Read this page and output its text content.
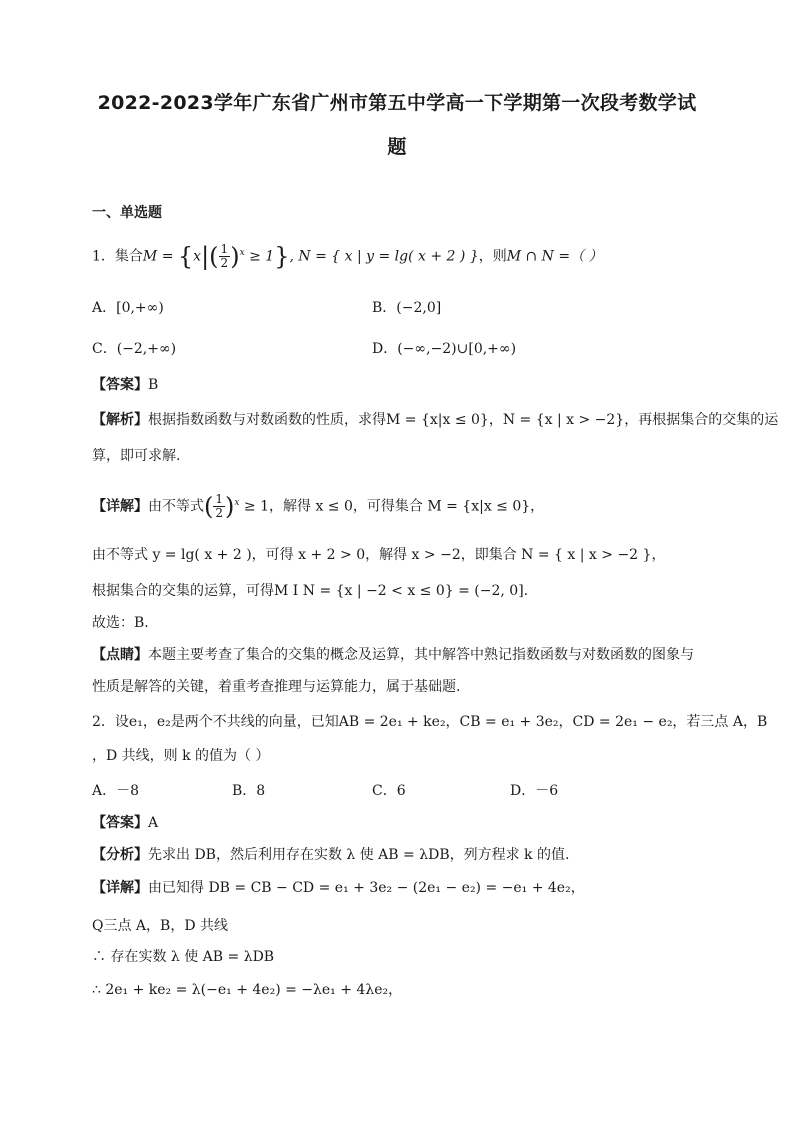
2022-2023学年广东省广州市第五中学高一下学期第一次段考数学试
题
一、单选题
1．集合$M = \{x|( \frac{1}{2} )^x \ge 1\}$, N = { x | y = lg( x + 2 ) }，则M ∩ N =（ ）
A．[0,+∞)	B．(−2,0]
C．(−2,+∞)	D．(−∞,−2)∪[0,+∞)
【答案】B
【解析】根据指数函数与对数函数的性质，求得M = {x|x ≤ 0}，N = {x | x > −2}，再根据集合的交集的运
算，即可求解.
【详解】由不等式( $\frac{1}{2} )^x \ge 1$，解得 x ≤ 0，可得集合 M = {x|x ≤ 0}，
由不等式 y = lg( x + 2 )，可得 x + 2 > 0，解得 x > −2，即集合 N = { x | x > −2 }，
根据集合的交集的运算，可得M I N = {x | −2 < x ≤ 0} = (−2, 0].
故选：B.
【点睛】本题主要考查了集合的交集的概念及运算，其中解答中熟记指数函数与对数函数的图象与
性质是解答的关键，着重考查推理与运算能力，属于基础题.
2．设e₁，e₂是两个不共线的向量，已知AB = 2e₁ + ke₂，CB = e₁ + 3e₂，CD = 2e₁ − e₂，若三点 A，B
，D 共线，则 k 的值为（ ）
A．－8	B．8	C．6	D．－6
【答案】A
【分析】先求出 DB，然后利用存在实数 λ 使 AB = λDB，列方程求 k 的值.
【详解】由已知得 DB = CB − CD = e₁ + 3e₂ − (2e₁ − e₂) = −e₁ + 4e₂，
Q三点 A，B，D 共线
∴ 存在实数 λ 使 AB = λDB
∴ 2e₁ + ke₂ = λ(−e₁ + 4e₂) = −λe₁ + 4λe₂，
